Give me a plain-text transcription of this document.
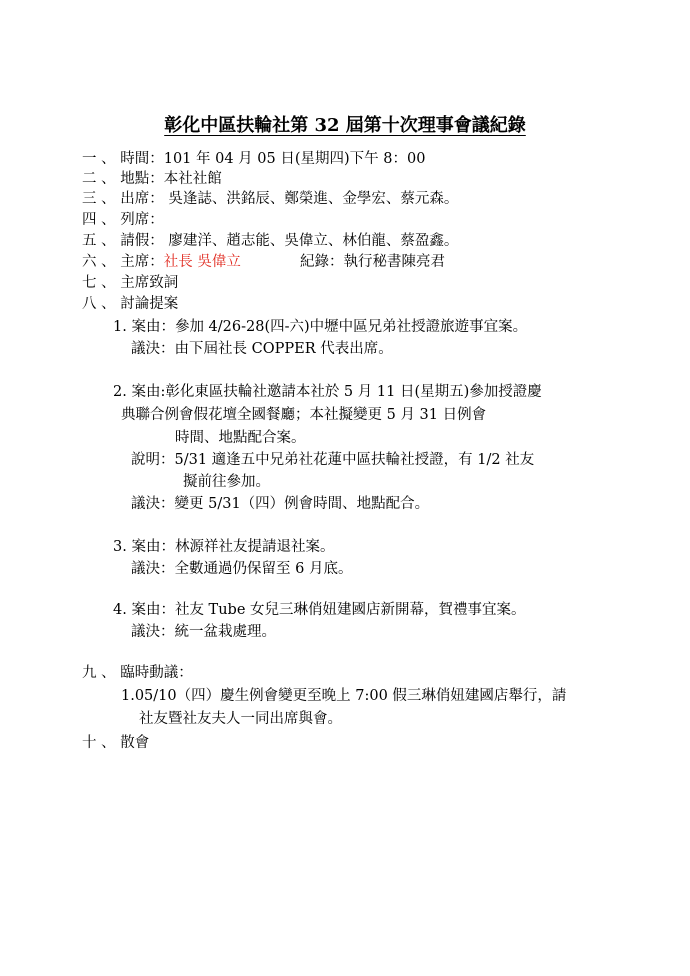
彰化中區扶輪社第 32 屆第十次理事會議紀錄
一 、 時間：101 年 04 月 05 日(星期四)下午 8：00
二 、 地點：本社社館
三 、 出席： 吳逢誌、洪銘辰、鄭榮進、金學宏、蔡元森。
四 、 列席：
五 、 請假： 廖建洋、趙志能、吳偉立、林伯龍、蔡盈鑫。
六 、 主席：社長 吳偉立	紀錄：執行秘書陳亮君
七 、 主席致詞
八 、 討論提案
1. 案由：參加 4/26-28(四-六)中壢中區兄弟社授證旅遊事宜案。
議決：由下屆社長 COPPER 代表出席。
2. 案由:彰化東區扶輪社邀請本社於 5 月 11 日(星期五)參加授證慶
典聯合例會假花壇全國餐廳；本社擬變更 5 月 31 日例會
時間、地點配合案。
說明：5/31 適逢五中兄弟社花蓮中區扶輪社授證，有 1/2 社友
擬前往參加。
議決：變更 5/31（四）例會時間、地點配合。
3. 案由：林源祥社友提請退社案。
議決：全數通過仍保留至 6 月底。
4. 案由：社友 Tube 女兒三琳俏妞建國店新開幕，賀禮事宜案。
議決：統一盆栽處理。
九 、 臨時動議：
1.05/10（四）慶生例會變更至晚上 7:00 假三琳俏妞建國店舉行，請
社友暨社友夫人一同出席與會。
十 、 散會
